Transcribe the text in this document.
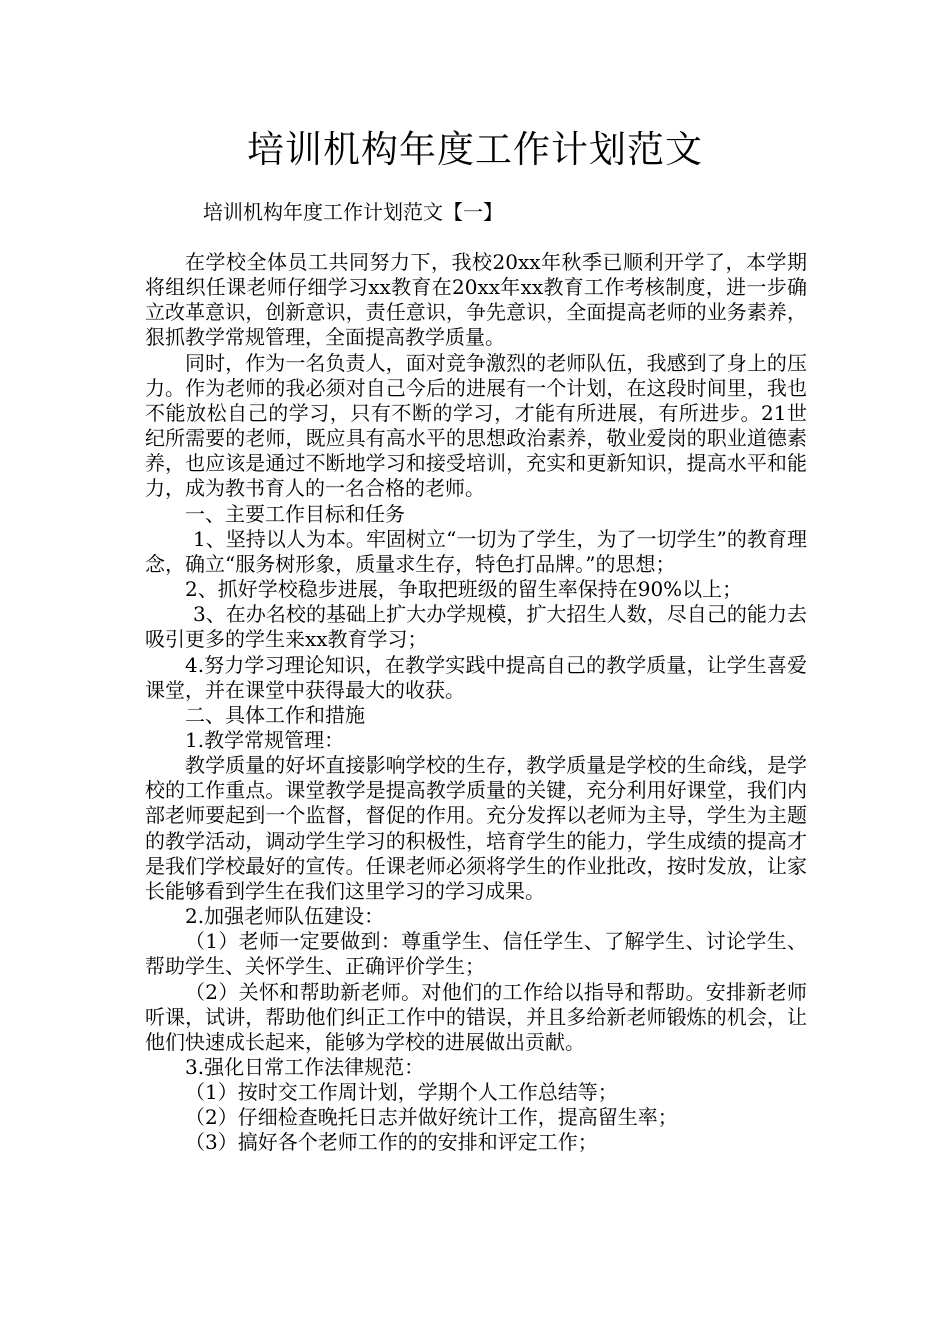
培训机构年度工作计划范文

培训机构年度工作计划范文【一】

在学校全体员工共同努力下，我校20xx年秋季已顺利开学了，本学期将组织任课老师仔细学习xx教育在20xx年xx教育工作考核制度，进一步确立改革意识，创新意识，责任意识，争先意识，全面提高老师的业务素养，狠抓教学常规管理，全面提高教学质量。

同时，作为一名负责人，面对竞争激烈的老师队伍，我感到了身上的压力。作为老师的我必须对自己今后的进展有一个计划，在这段时间里，我也不能放松自己的学习，只有不断的学习，才能有所进展，有所进步。21世纪所需要的老师，既应具有高水平的思想政治素养，敬业爱岗的职业道德素养，也应该是通过不断地学习和接受培训，充实和更新知识，提高水平和能力，成为教书育人的一名合格的老师。

一、主要工作目标和任务

1、坚持以人为本。牢固树立“一切为了学生，为了一切学生”的教育理念，确立“服务树形象，质量求生存，特色打品牌。”的思想；

2、抓好学校稳步进展，争取把班级的留生率保持在90%以上；

3、在办名校的基础上扩大办学规模，扩大招生人数，尽自己的能力去吸引更多的学生来xx教育学习；

4.努力学习理论知识，在教学实践中提高自己的教学质量，让学生喜爱课堂，并在课堂中获得最大的收获。

二、具体工作和措施

1.教学常规管理：

教学质量的好坏直接影响学校的生存，教学质量是学校的生命线，是学校的工作重点。课堂教学是提高教学质量的关键，充分利用好课堂，我们内部老师要起到一个监督，督促的作用。充分发挥以老师为主导，学生为主题的教学活动，调动学生学习的积极性，培育学生的能力，学生成绩的提高才是我们学校最好的宣传。任课老师必须将学生的作业批改，按时发放，让家长能够看到学生在我们这里学习的学习成果。

2.加强老师队伍建设：

（1）老师一定要做到：尊重学生、信任学生、了解学生、讨论学生、帮助学生、关怀学生、正确评价学生；

（2）关怀和帮助新老师。对他们的工作给以指导和帮助。安排新老师听课，试讲，帮助他们纠正工作中的错误，并且多给新老师锻炼的机会，让他们快速成长起来，能够为学校的进展做出贡献。

3.强化日常工作法律规范：

（1）按时交工作周计划，学期个人工作总结等；

（2）仔细检查晚托日志并做好统计工作，提高留生率；

（3）搞好各个老师工作的的安排和评定工作；
